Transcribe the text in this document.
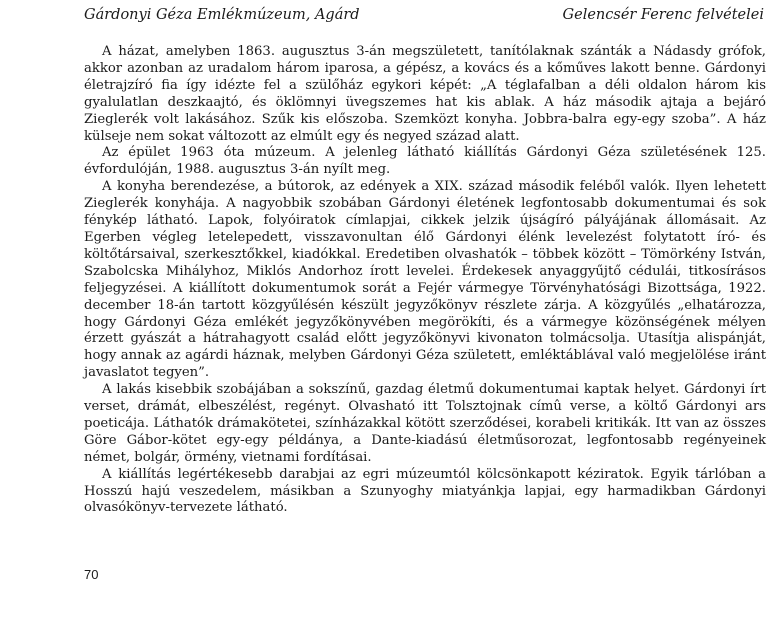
Gárdonyi Géza Emlékmúzeum, Agárd	Gelencsér Ferenc felvételei

A házat, amelyben 1863. augusztus 3-án megszületett, tanítólaknak szánták a Nádasdy grófok, akkor azonban az uradalom három iparosa, a gépész, a kovács és a kőműves lakott benne. Gárdonyi életrajzíró fia így idézte fel a szülőház egykori képét: „A téglafalban a déli oldalon három kis gyalulatlan deszkaajtó, és öklömnyi üvegszemes hat kis ablak. A ház második ajtaja a bejáró Zieglerék volt lakásához. Szűk kis előszoba. Szemközt konyha. Jobbra-balra egy-egy szoba”. A ház külseje nem sokat változott az elmúlt egy és negyed század alatt.

Az épület 1963 óta múzeum. A jelenleg látható kiállítás Gárdonyi Géza születésének 125. évfordulóján, 1988. augusztus 3-án nyílt meg.

A konyha berendezése, a bútorok, az edények a XIX. század második feléből valók. Ilyen lehetett Zieglerék konyhája. A nagyobbik szobában Gárdonyi életének legfontosabb dokumentumai és sok fénykép látható. Lapok, folyóiratok címlapjai, cikkek jelzik újságíró pályájának állomásait. Az Egerben végleg letelepedett, visszavonultan élő Gárdonyi élénk levelezést folytatott író- és költőtársaival, szerkesztőkkel, kiadókkal. Eredetiben olvashatók – többek között – Tömörkény István, Szabolcska Mihályhoz, Miklós Andorhoz írott levelei. Érdekesek anyaggyűjtő cédulái, titkosírásos feljegyzései. A kiállított dokumentumok sorát a Fejér vármegye Törvényhatósági Bizottsága, 1922. december 18-án tartott közgyűlésén készült jegyzőkönyv részlete zárja. A közgyűlés „elhatározza, hogy Gárdonyi Géza emlékét jegyzőkönyvében megörökíti, és a vármegye közönségének mélyen érzett gyászát a hátrahagyott család előtt jegyzőkönyvi kivonaton tolmácsolja. Utasítja alispánját, hogy annak az agárdi háznak, melyben Gárdonyi Géza született, emléktáblával való megjelölése iránt javaslatot tegyen”.

A lakás kisebbik szobájában a sokszínű, gazdag életmű dokumentumai kaptak helyet. Gárdonyi írt verset, drámát, elbeszélést, regényt. Olvasható itt Tolsztojnak címû verse, a költő Gárdonyi ars poeticája. Láthatók drámakötetei, színházakkal kötött szerződései, korabeli kritikák. Itt van az összes Göre Gábor-kötet egy-egy példánya, a Dante-kiadású életműsorozat, legfontosabb regényeinek német, bolgár, örmény, vietnami fordításai.

A kiállítás legértékesebb darabjai az egri múzeumtól kölcsönkapott kéziratok. Egyik tárlóban a Hosszú hajú veszedelem, másikban a Szunyoghy miatyánkja lapjai, egy harmadikban Gárdonyi olvasókönyv-tervezete látható.

70
